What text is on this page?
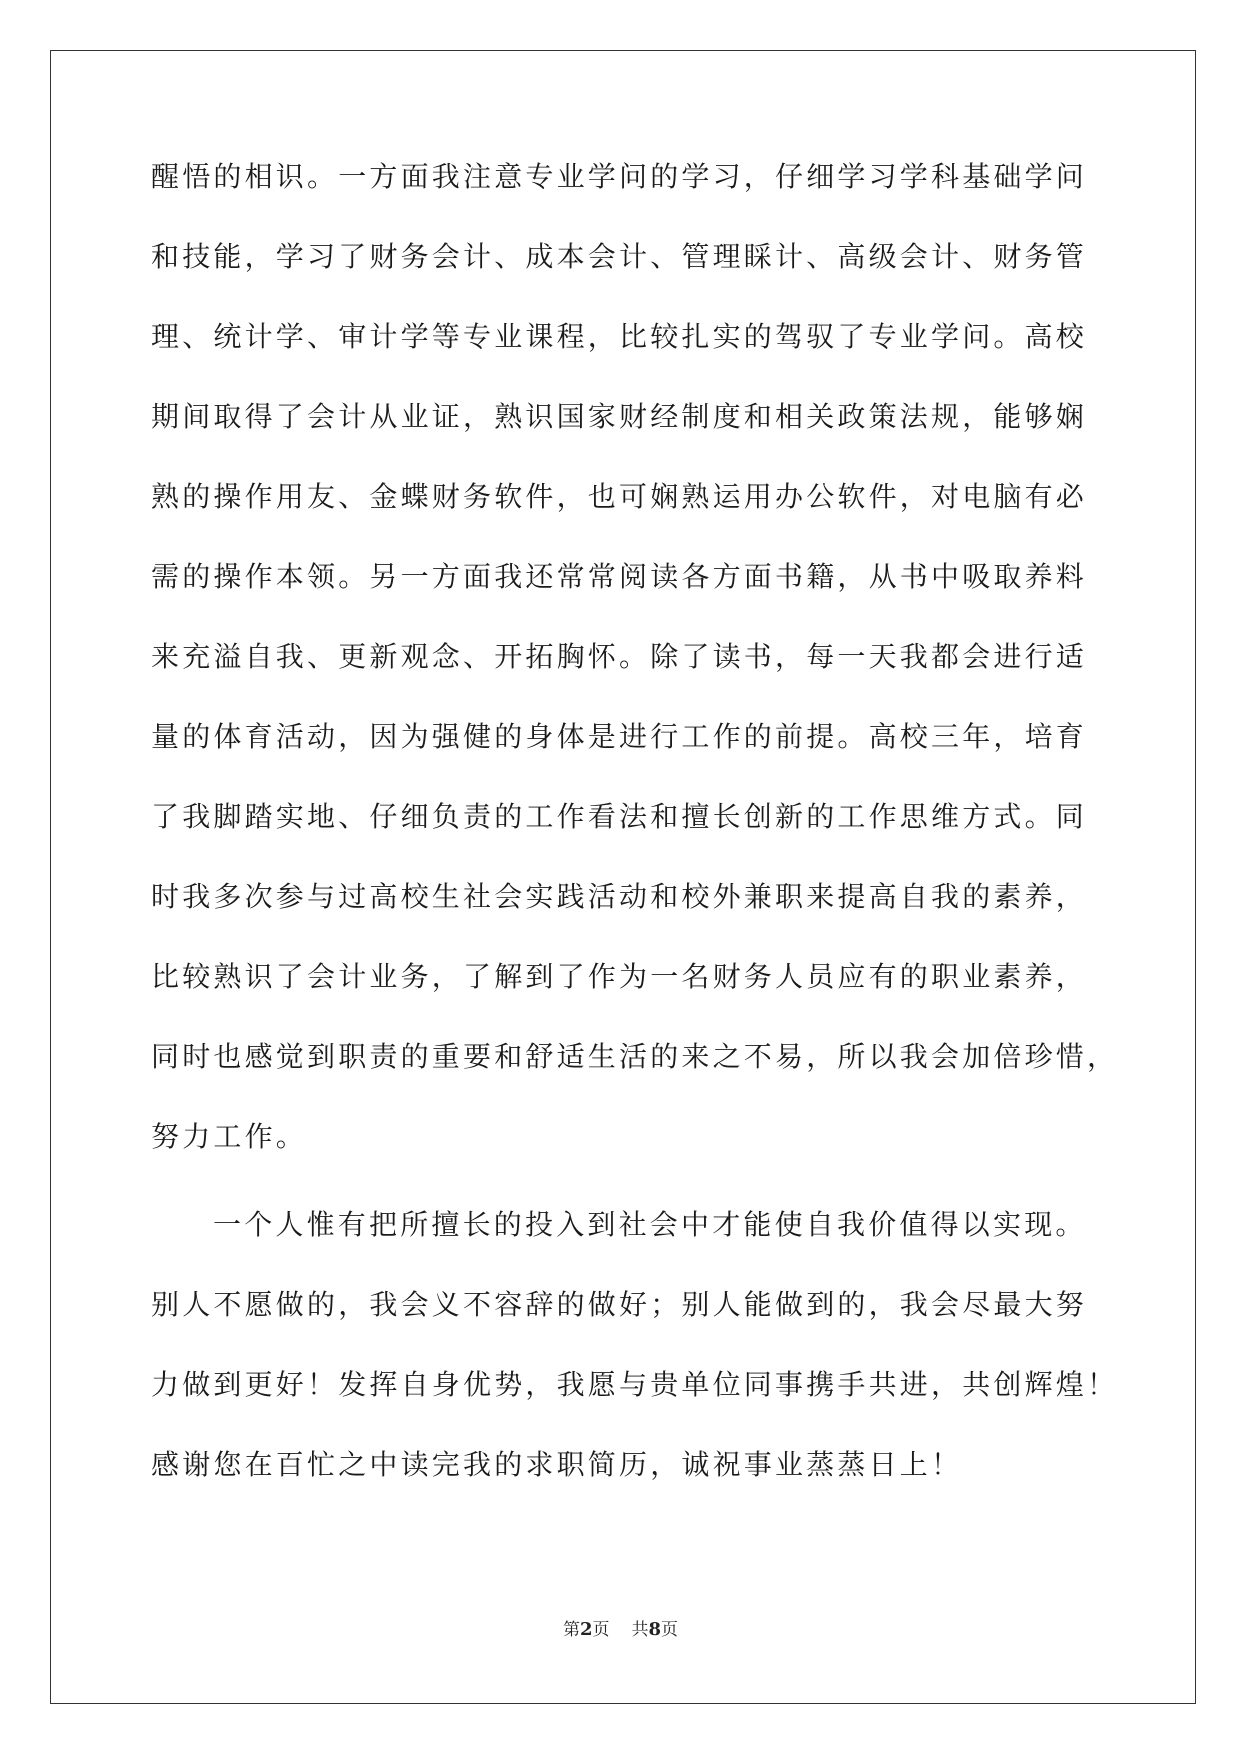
醒悟的相识。一方面我注意专业学问的学习，仔细学习学科基础学问
和技能，学习了财务会计、成本会计、管理睬计、高级会计、财务管
理、统计学、审计学等专业课程，比较扎实的驾驭了专业学问。高校
期间取得了会计从业证，熟识国家财经制度和相关政策法规，能够娴
熟的操作用友、金蝶财务软件，也可娴熟运用办公软件，对电脑有必
需的操作本领。另一方面我还常常阅读各方面书籍，从书中吸取养料
来充溢自我、更新观念、开拓胸怀。除了读书，每一天我都会进行适
量的体育活动，因为强健的身体是进行工作的前提。高校三年，培育
了我脚踏实地、仔细负责的工作看法和擅长创新的工作思维方式。同
时我多次参与过高校生社会实践活动和校外兼职来提高自我的素养，
比较熟识了会计业务，了解到了作为一名财务人员应有的职业素养，
同时也感觉到职责的重要和舒适生活的来之不易，所以我会加倍珍惜，
努力工作。
一个人惟有把所擅长的投入到社会中才能使自我价值得以实现。
别人不愿做的，我会义不容辞的做好；别人能做到的，我会尽最大努
力做到更好！发挥自身优势，我愿与贵单位同事携手共进，共创辉煌！
感谢您在百忙之中读完我的求职简历，诚祝事业蒸蒸日上！
第2页 共8页
